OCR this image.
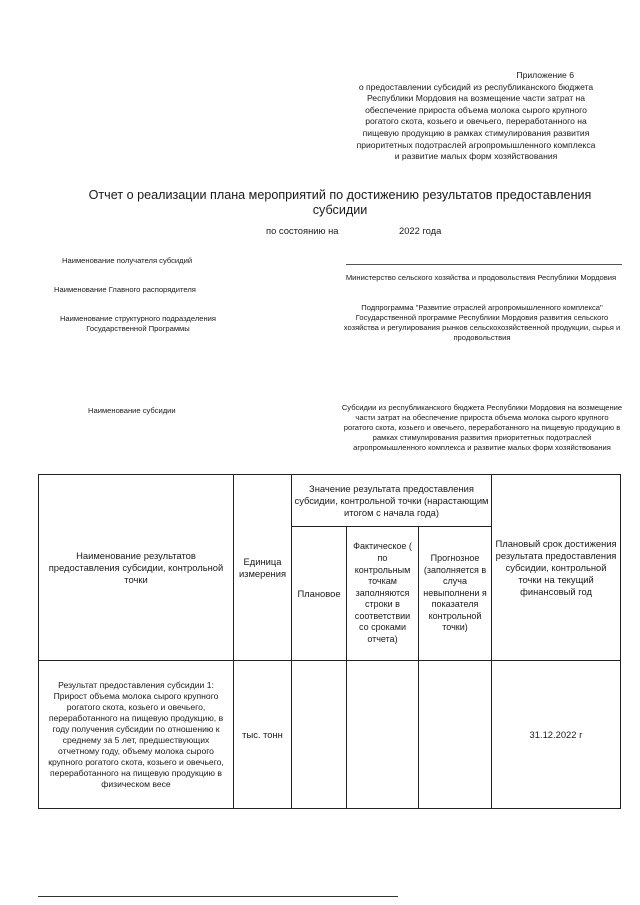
Приложение 6
о предоставлении субсидий из республиканского бюджета
Республики Мордовия на возмещение части затрат на
обеспечение прироста объема молока сырого крупного
рогатого скота, козьего и овечьего, переработанного на
пищевую продукцию в рамках стимулирования развития
приоритетных подотраслей агропромышленного комплекса
и развитие малых форм хозяйствования
Отчет о реализации плана мероприятий по достижению результатов предоставления
субсидии
по состоянию на	2022 года
Наименование получателя субсидий
Наименование Главного распорядителя
Министерство сельского хозяйства и продовольствия Республики Мордовия
Наименование структурного подразделения Государственной Программы
Подпрограмма "Развитие отраслей агропромышленного комплекса" Государственной программе Республики Мордовия развития сельского хозяйства и регулирования рынков сельскохозяйственной продукции, сырья и продовольствия
Наименование субсидии	Субсидии из республиканского бюджета Республики Мордовия на возмещение части затрат на обеспечение прироста объема молока сырого крупного рогатого скота, козьего и овечьего, переработанного на пищевую продукцию в рамках стимулирования развития приоритетных подотраслей агропромышленного комплекса и развитие малых форм хозяйствования
Наименование результатов предоставления субсидии, контрольной точки	Единица измерения	Значение результата предоставления субсидии, контрольной точки (нарастающим итогом с начала года)			Плановый срок достижения результата предоставления субсидии, контрольной точки на текущий финансовый год
		Плановое	Фактическое ( по контрольным точкам заполняются строки в соответствии со сроками отчета)	Прогнозное (заполняется в случа невыполнени я показателя контрольной точки)	
Результат предоставления субсидии 1: Прирост объема молока сырого крупного рогатого скота, козьего и овечьего, переработанного на пищевую продукцию, в году получения субсидии по отношению к среднему за 5 лет, предшествующих отчетному году, объему молока сырого крупного рогатого скота, козьего и овечьего, переработанного на пищевую продукцию в физическом весе	тыс. тонн				31.12.2022 г
